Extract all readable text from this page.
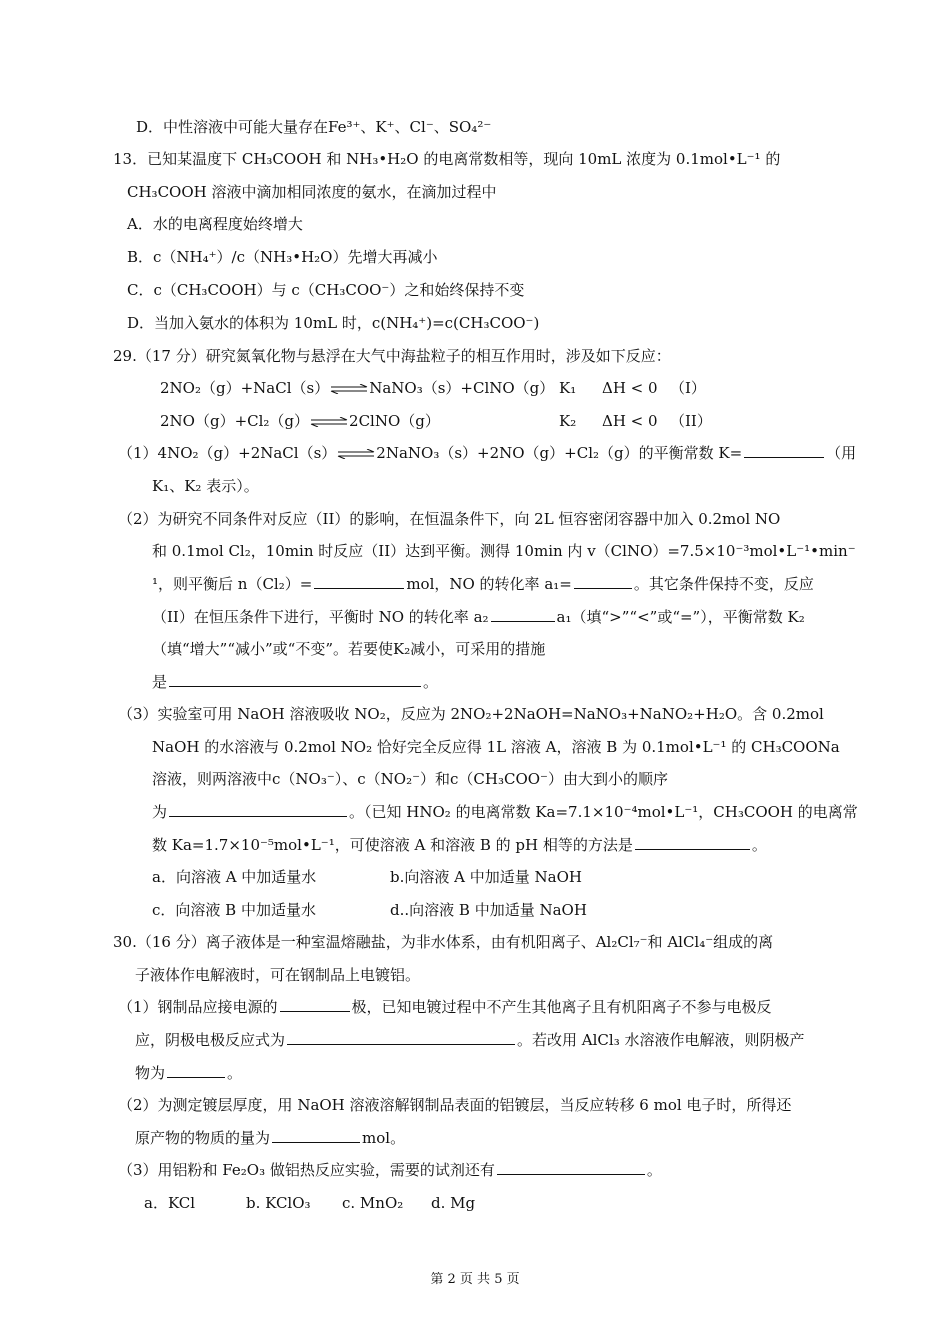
D．中性溶液中可能大量存在Fe³⁺、K⁺、Cl⁻、SO₄²⁻
13．已知某温度下 CH₃COOH 和 NH₃•H₂O 的电离常数相等，现向 10mL 浓度为 0.1mol•L⁻¹ 的
CH₃COOH 溶液中滴加相同浓度的氨水，在滴加过程中
A．水的电离程度始终增大
B．c（NH₄⁺）/c（NH₃•H₂O）先增大再减小
C．c（CH₃COOH）与 c（CH₃COO⁻）之和始终保持不变
D．当加入氨水的体积为 10mL 时，c(NH₄⁺)=c(CH₃COO⁻)
29.（17 分）研究氮氧化物与悬浮在大气中海盐粒子的相互作用时，涉及如下反应：
2NO₂（g）+NaCl（s）⇌NaNO₃（s）+ClNO（g） K₁ ΔH < 0 （I）
2NO（g）+Cl₂（g）⇌2ClNO（g）	K₂ ΔH < 0 （II）
（1）4NO₂（g）+2NaCl（s）⇌2NaNO₃（s）+2NO（g）+Cl₂（g）的平衡常数 K=	（用
K₁、K₂ 表示）。
（2）为研究不同条件对反应（II）的影响，在恒温条件下，向 2L 恒容密闭容器中加入 0.2mol NO
和 0.1mol Cl₂，10min 时反应（II）达到平衡。测得 10min 内 v（ClNO）=7.5×10⁻³mol•L⁻¹•min⁻
¹，则平衡后 n（Cl₂）=	mol，NO 的转化率 a₁=	。其它条件保持不变，反应
（II）在恒压条件下进行，平衡时 NO 的转化率 a₂	a₁（填“>”“<”或“=”），平衡常数 K₂
（填“增大”“减小”或“不变”。若要使K₂减小，可采用的措施
是	。
（3）实验室可用 NaOH 溶液吸收 NO₂，反应为 2NO₂+2NaOH=NaNO₃+NaNO₂+H₂O。含 0.2mol
NaOH 的水溶液与 0.2mol NO₂ 恰好完全反应得 1L 溶液 A，溶液 B 为 0.1mol•L⁻¹ 的 CH₃COONa
溶液，则两溶液中c（NO₃⁻）、c（NO₂⁻）和c（CH₃COO⁻）由大到小的顺序
为	。（已知 HNO₂ 的电离常数 Ka=7.1×10⁻⁴mol•L⁻¹，CH₃COOH 的电离常
数 Ka=1.7×10⁻⁵mol•L⁻¹，可使溶液 A 和溶液 B 的 pH 相等的方法是	。
a．向溶液 A 中加适量水	b.向溶液 A 中加适量 NaOH
c．向溶液 B 中加适量水	d..向溶液 B 中加适量 NaOH
30.（16 分）离子液体是一种室温熔融盐，为非水体系，由有机阳离子、Al₂Cl₇⁻和 AlCl₄⁻组成的离
子液体作电解液时，可在钢制品上电镀铝。
（1）钢制品应接电源的	极，已知电镀过程中不产生其他离子且有机阳离子不参与电极反
应，阴极电极反应式为	。若改用 AlCl₃ 水溶液作电解液，则阴极产
物为	。
（2）为测定镀层厚度，用 NaOH 溶液溶解钢制品表面的铝镀层，当反应转移 6 mol 电子时，所得还
原产物的物质的量为	mol。
（3）用铝粉和 Fe₂O₃ 做铝热反应实验，需要的试剂还有	。
a．KCl	b. KClO₃ c. MnO₂ d. Mg
第 2 页 共 5 页
